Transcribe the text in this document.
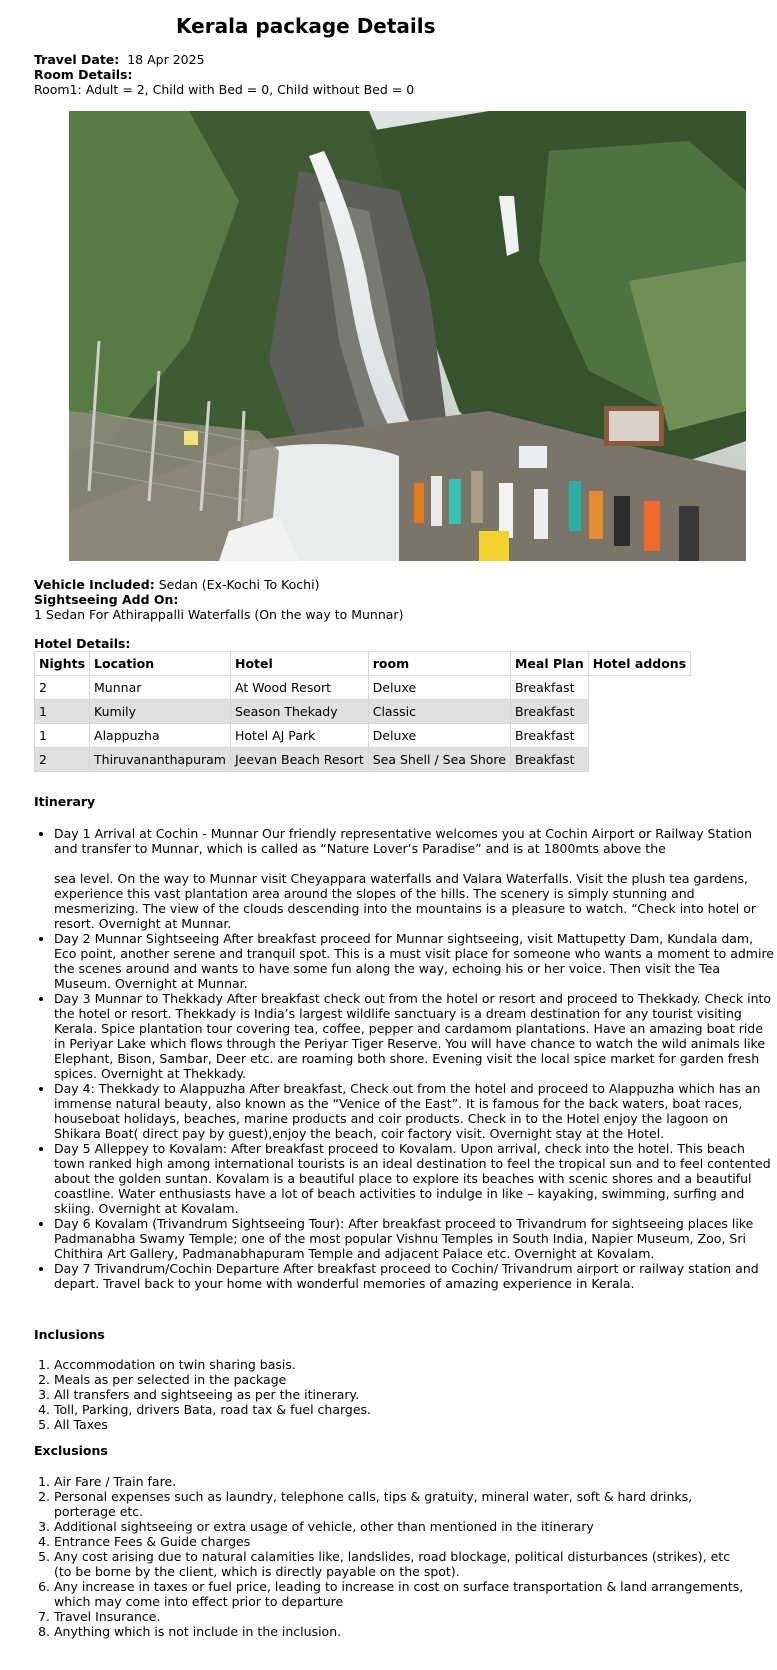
Kerala package Details
Travel Date: 18 Apr 2025
Room Details:
Room1: Adult = 2, Child with Bed = 0, Child without Bed = 0
Vehicle Included: Sedan (Ex-Kochi To Kochi)
Sightseeing Add On:
1 Sedan For Athirappalli Waterfalls (On the way to Munnar)
Hotel Details:
Nights	Location	Hotel	room	Meal Plan	Hotel addons
2	Munnar	At Wood Resort	Deluxe	Breakfast	
1	Kumily	Season Thekady	Classic	Breakfast	
1	Alappuzha	Hotel AJ Park	Deluxe	Breakfast	
2	Thiruvananthapuram	Jeevan Beach Resort	Sea Shell / Sea Shore	Breakfast	
Itinerary
• Day 1 Arrival at Cochin - Munnar Our friendly representative welcomes you at Cochin Airport or Railway Station and transfer to Munnar, which is called as “Nature Lover’s Paradise” and is at 1800mts above the
sea level. On the way to Munnar visit Cheyappara waterfalls and Valara Waterfalls. Visit the plush tea gardens, experience this vast plantation area around the slopes of the hills. The scenery is simply stunning and mesmerizing. The view of the clouds descending into the mountains is a pleasure to watch. “Check into hotel or resort. Overnight at Munnar.
• Day 2 Munnar Sightseeing After breakfast proceed for Munnar sightseeing, visit Mattupetty Dam, Kundala dam, Eco point, another serene and tranquil spot. This is a must visit place for someone who wants a moment to admire the scenes around and wants to have some fun along the way, echoing his or her voice. Then visit the Tea Museum. Overnight at Munnar.
• Day 3 Munnar to Thekkady After breakfast check out from the hotel or resort and proceed to Thekkady. Check into the hotel or resort. Thekkady is India’s largest wildlife sanctuary is a dream destination for any tourist visiting Kerala. Spice plantation tour covering tea, coffee, pepper and cardamom plantations. Have an amazing boat ride in Periyar Lake which flows through the Periyar Tiger Reserve. You will have chance to watch the wild animals like Elephant, Bison, Sambar, Deer etc. are roaming both shore. Evening visit the local spice market for garden fresh spices. Overnight at Thekkady.
• Day 4: Thekkady to Alappuzha After breakfast, Check out from the hotel and proceed to Alappuzha which has an immense natural beauty, also known as the “Venice of the East”. It is famous for the back waters, boat races, houseboat holidays, beaches, marine products and coir products. Check in to the Hotel enjoy the lagoon on Shikara Boat( direct pay by guest),enjoy the beach, coir factory visit. Overnight stay at the Hotel.
• Day 5 Alleppey to Kovalam: After breakfast proceed to Kovalam. Upon arrival, check into the hotel. This beach town ranked high among international tourists is an ideal destination to feel the tropical sun and to feel contented about the golden suntan. Kovalam is a beautiful place to explore its beaches with scenic shores and a beautiful coastline. Water enthusiasts have a lot of beach activities to indulge in like – kayaking, swimming, surfing and skiing. Overnight at Kovalam.
• Day 6 Kovalam (Trivandrum Sightseeing Tour): After breakfast proceed to Trivandrum for sightseeing places like Padmanabha Swamy Temple; one of the most popular Vishnu Temples in South India, Napier Museum, Zoo, Sri Chithira Art Gallery, Padmanabhapuram Temple and adjacent Palace etc. Overnight at Kovalam.
• Day 7 Trivandrum/Cochin Departure After breakfast proceed to Cochin/ Trivandrum airport or railway station and depart. Travel back to your home with wonderful memories of amazing experience in Kerala.
Inclusions
1. Accommodation on twin sharing basis.
2. Meals as per selected in the package
3. All transfers and sightseeing as per the itinerary.
4. Toll, Parking, drivers Bata, road tax & fuel charges.
5. All Taxes
Exclusions
1. Air Fare / Train fare.
2. Personal expenses such as laundry, telephone calls, tips & gratuity, mineral water, soft & hard drinks, porterage etc.
3. Additional sightseeing or extra usage of vehicle, other than mentioned in the itinerary
4. Entrance Fees & Guide charges
5. Any cost arising due to natural calamities like, landslides, road blockage, political disturbances (strikes), etc (to be borne by the client, which is directly payable on the spot).
6. Any increase in taxes or fuel price, leading to increase in cost on surface transportation & land arrangements, which may come into effect prior to departure
7. Travel Insurance.
8. Anything which is not include in the inclusion.
